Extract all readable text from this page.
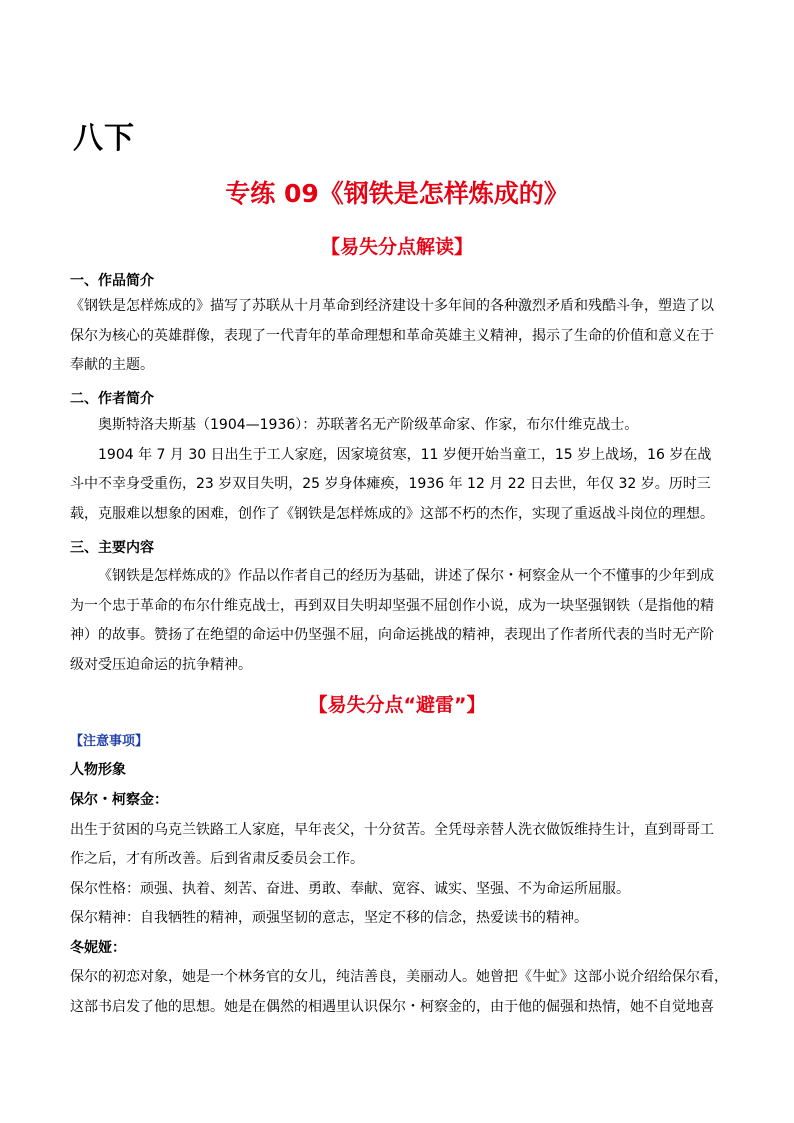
八下
专练 09《钢铁是怎样炼成的》
【易失分点解读】
一、作品简介

《钢铁是怎样炼成的》描写了苏联从十月革命到经济建设十多年间的各种激烈矛盾和残酷斗争，塑造了以保尔为核心的英雄群像，表现了一代青年的革命理想和革命英雄主义精神，揭示了生命的价值和意义在于奉献的主题。

二、作者简介

奥斯特洛夫斯基（1904—1936）：苏联著名无产阶级革命家、作家，布尔什维克战士。

1904 年 7 月 30 日出生于工人家庭，因家境贫寒，11 岁便开始当童工，15 岁上战场，16 岁在战斗中不幸身受重伤，23 岁双目失明，25 岁身体瘫痪，1936 年 12 月 22 日去世，年仅 32 岁。历时三载，克服难以想象的困难，创作了《钢铁是怎样炼成的》这部不朽的杰作，实现了重返战斗岗位的理想。

三、主要内容

《钢铁是怎样炼成的》作品以作者自己的经历为基础，讲述了保尔・柯察金从一个不懂事的少年到成为一个忠于革命的布尔什维克战士，再到双目失明却坚强不屈创作小说，成为一块坚强钢铁（是指他的精神）的故事。赞扬了在绝望的命运中仍坚强不屈，向命运挑战的精神，表现出了作者所代表的当时无产阶级对受压迫命运的抗争精神。

【易失分点“避雷”】
【注意事项】
人物形象
保尔・柯察金：
出生于贫困的乌克兰铁路工人家庭，早年丧父，十分贫苦。全凭母亲替人洗衣做饭维持生计，直到哥哥工
作之后，才有所改善。后到省肃反委员会工作。
保尔性格：顽强、执着、刻苦、奋进、勇敢、奉献、宽容、诚实、坚强、不为命运所屈服。
保尔精神：自我牺牲的精神，顽强坚韧的意志，坚定不移的信念，热爱读书的精神。
冬妮娅：
保尔的初恋对象，她是一个林务官的女儿，纯洁善良，美丽动人。她曾把《牛虻》这部小说介绍给保尔看，
这部书启发了他的思想。她是在偶然的相遇里认识保尔・柯察金的，由于他的倔强和热情，她不自觉地喜
